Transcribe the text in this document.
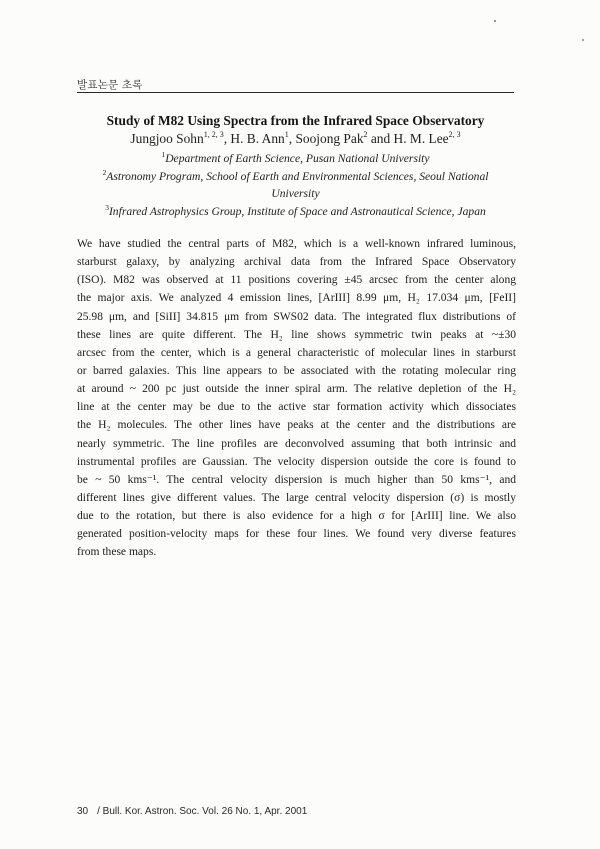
발표논문 초록
Study of M82 Using Spectra from the Infrared Space Observatory
Jungjoo Sohn$^{1, 2, 3}$, H. B. Ann$^1$, Soojong Pak$^2$ and H. M. Lee$^{2, 3}$
$^1$Department of Earth Science, Pusan National University
$^2$Astronomy Program, School of Earth and Environmental Sciences, Seoul National
University
$^3$Infrared Astrophysics Group, Institute of Space and Astronautical Science, Japan
We have studied the central parts of M82, which is a well-known infrared luminous,
starburst galaxy, by analyzing archival data from the Infrared Space Observatory
(ISO). M82 was observed at 11 positions covering ±45 arcsec from the center along
the major axis. We analyzed 4 emission lines, [ArIII] 8.99 μm, H₂ 17.034 μm, [FeII]
25.98 μm, and [SiII] 34.815 μm from SWS02 data. The integrated flux distributions of
these lines are quite different. The H₂ line shows symmetric twin peaks at ~±30
arcsec from the center, which is a general characteristic of molecular lines in starburst
or barred galaxies. This line appears to be associated with the rotating molecular ring
at around ~ 200 pc just outside the inner spiral arm. The relative depletion of the H₂
line at the center may be due to the active star formation activity which dissociates
the H₂ molecules. The other lines have peaks at the center and the distributions are
nearly symmetric. The line profiles are deconvolved assuming that both intrinsic and
instrumental profiles are Gaussian. The velocity dispersion outside the core is found to
be ~ 50 kms⁻¹. The central velocity dispersion is much higher than 50 kms⁻¹, and
different lines give different values. The large central velocity dispersion (σ) is mostly
due to the rotation, but there is also evidence for a high σ for [ArIII] line. We also
generated position-velocity maps for these four lines. We found very diverse features
from these maps.
30 / Bull. Kor. Astron. Soc. Vol. 26 No. 1, Apr. 2001
